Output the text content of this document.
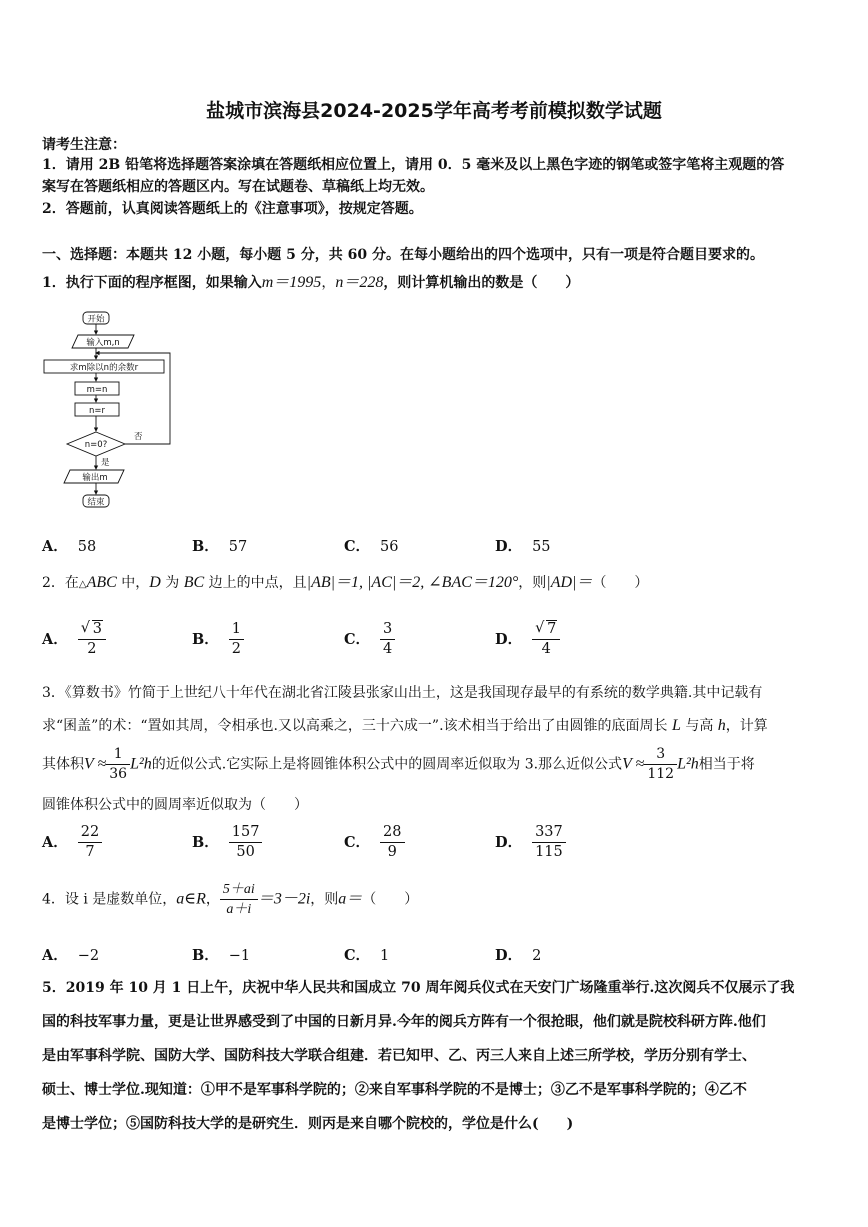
盐城市滨海县2024-2025学年高考考前模拟数学试题
请考生注意：
1．请用 2B 铅笔将选择题答案涂填在答题纸相应位置上，请用 0．5 毫米及以上黑色字迹的钢笔或签字笔将主观题的答
案写在答题纸相应的答题区内。写在试题卷、草稿纸上均无效。
2．答题前，认真阅读答题纸上的《注意事项》，按规定答题。
一、选择题：本题共 12 小题，每小题 5 分，共 60 分。在每小题给出的四个选项中，只有一项是符合题目要求的。
1．执行下面的程序框图，如果输入m＝1995，n＝228，则计算机输出的数是（　　）
开始
输入m,n
求m除以n的余数r
m=n
n=r
n=0?
否
是
输出m
结束
A． 58	B． 57	C． 56	D． 55
2．在△ABC 中，D 为 BC 边上的中点，且|AB|＝1, |AC|＝2, ∠BAC＝120°，则|AD|＝（　　）
A． √ $\frac{3}{2}$	B． $\frac{1}{2}$	C． $\frac{3}{4}$	D． √ $\frac{7}{4}$
3．《算数书》竹简于上世纪八十年代在湖北省江陵县张家山出土，这是我国现存最早的有系统的数学典籍.其中记载有
求“囷盖”的术：“置如其周，令相承也.又以高乘之，三十六成一”.该术相当于给出了由圆锥的底面周长 L 与高 h，计算
其体积$V \approx \frac{1}{36} L^2h$的近似公式.它实际上是将圆锥体积公式中的圆周率近似取为 3.那么近似公式$V \approx \frac{3}{112} L^2h$相当于将
圆锥体积公式中的圆周率近似取为（　　）
A． $\frac{22}{7}$	B． $\frac{157}{50}$	C． $\frac{28}{9}$	D． $\frac{337}{115}$
4．设 i 是虚数单位，a∈R， $\frac{5+ai}{a+i} =3-2i$，则a＝（　　）
A． −2	B． −1	C． 1	D． 2
5．2019 年 10 月 1 日上午，庆祝中华人民共和国成立 70 周年阅兵仪式在天安门广场隆重举行.这次阅兵不仅展示了我
国的科技军事力量，更是让世界感受到了中国的日新月异.今年的阅兵方阵有一个很抢眼，他们就是院校科研方阵.他们
是由军事科学院、国防大学、国防科技大学联合组建．若已知甲、乙、丙三人来自上述三所学校，学历分别有学士、
硕士、博士学位.现知道：①甲不是军事科学院的；②来自军事科学院的不是博士；③乙不是军事科学院的；④乙不
是博士学位；⑤国防科技大学的是研究生．则丙是来自哪个院校的，学位是什么(　　)
